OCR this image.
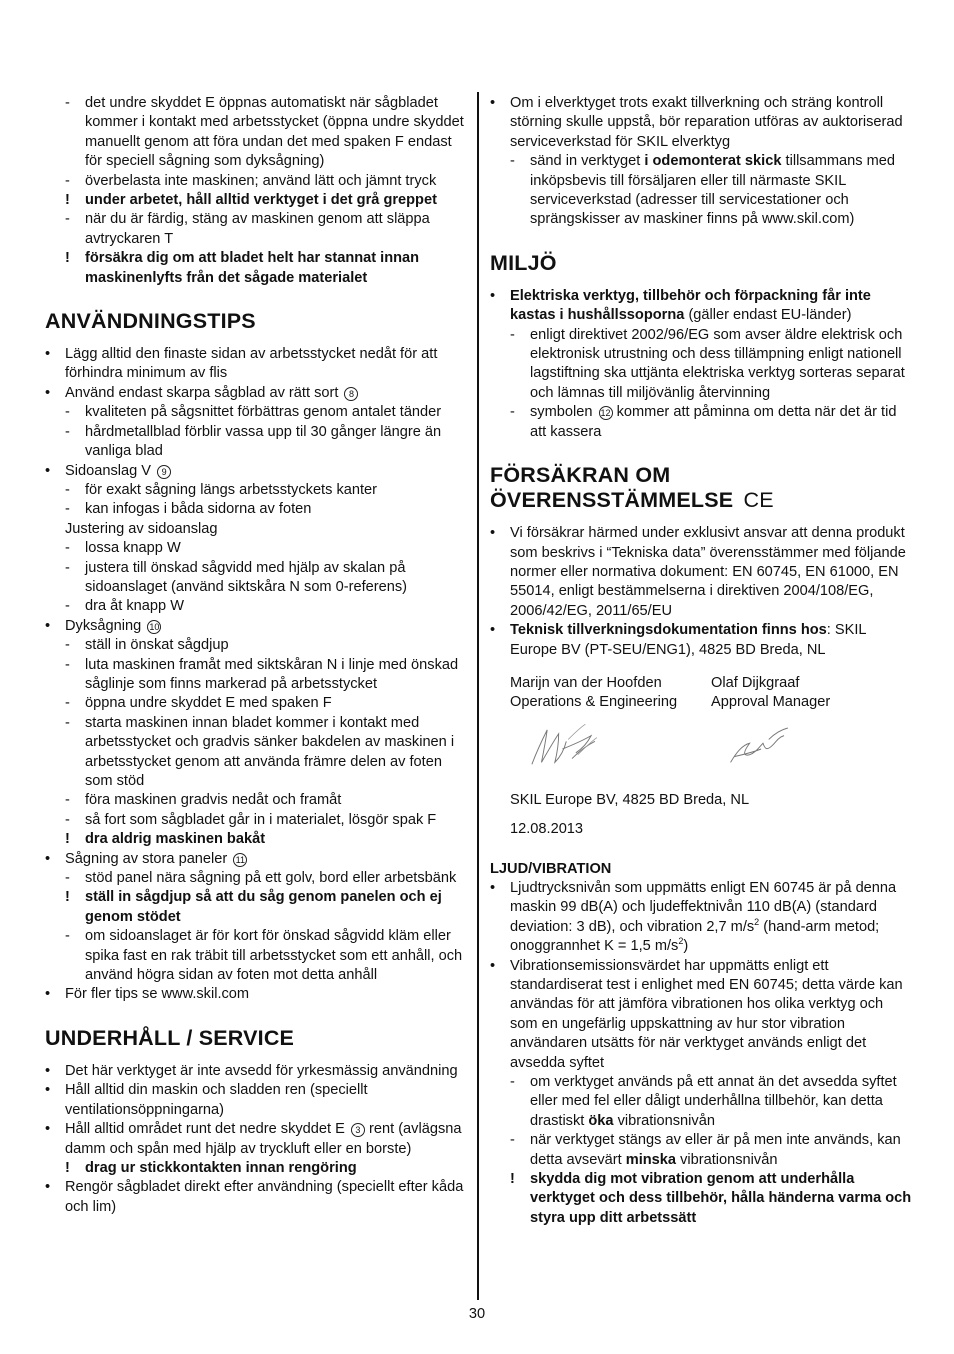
-	det undre skyddet E öppnas automatiskt när sågbladet kommer i kontakt med arbetsstycket (öppna undre skyddet manuellt genom att föra undan det med spaken F endast för speciell sågning som dyksågning)
-	överbelasta inte maskinen; använd lätt och jämnt tryck
!	under arbetet, håll alltid verktyget i det grå greppet
-	när du är färdig, stäng av maskinen genom att släppa avtryckaren T
!	försäkra dig om att bladet helt har stannat innan maskinenlyfts från det sågade materialet
ANVÄNDNINGSTIPS
•	Lägg alltid den finaste sidan av arbetsstycket nedåt för att förhindra minimum av flis
•	Använd endast skarpa sågblad av rätt sort 8
-	kvaliteten på sågsnittet förbättras genom antalet tänder
-	hårdmetallblad förblir vassa upp til 30 gånger längre än vanliga blad
•	Sidoanslag V 9
-	för exakt sågning längs arbetsstyckets kanter
-	kan infogas i båda sidorna av foten
Justering av sidoanslag
-	lossa knapp W
-	justera till önskad sågvidd med hjälp av skalan på sidoanslaget (använd siktskåra N som 0-referens)
-	dra åt knapp W
•	Dyksågning 10
-	ställ in önskat sågdjup
-	luta maskinen framåt med siktskåran N i linje med önskad såglinje som finns markerad på arbetsstycket
-	öppna undre skyddet E med spaken F
-	starta maskinen innan bladet kommer i kontakt med arbetsstycket och gradvis sänker bakdelen av maskinen i arbetsstycket genom att använda främre delen av foten som stöd
-	föra maskinen gradvis nedåt och framåt
-	så fort som sågbladet går in i materialet, lösgör spak F
!	dra aldrig maskinen bakåt
•	Sågning av stora paneler 11
-	stöd panel nära sågning på ett golv, bord eller arbetsbänk
!	ställ in sågdjup så att du såg genom panelen och ej genom stödet
-	om sidoanslaget är för kort för önskad sågvidd kläm eller spika fast en rak träbit till arbetsstycket som ett anhåll, och använd högra sidan av foten mot detta anhåll
•	För fler tips se www.skil.com
UNDERHÅLL / SERVICE
•	Det här verktyget är inte avsedd för yrkesmässig användning
•	Håll alltid din maskin och sladden ren (speciellt ventilationsöppningarna)
•	Håll alltid området runt det nedre skyddet E 3 rent (avlägsna damm och spån med hjälp av tryckluft eller en borste)
!	drag ur stickkontakten innan rengöring
•	Rengör sågbladet direkt efter användning (speciellt efter kåda och lim)
•	Om i elverktyget trots exakt tillverkning och sträng kontroll störning skulle uppstå, bör reparation utföras av auktoriserad serviceverkstad för SKIL elverktyg
-	sänd in verktyget i odemonterat skick tillsammans med inköpsbevis till försäljaren eller till närmaste SKIL serviceverkstad (adresser till servicestationer och sprängskisser av maskiner finns på www.skil.com)
MILJÖ
•	Elektriska verktyg, tillbehör och förpackning får inte kastas i hushållssoporna (gäller endast EU-länder)
-	enligt direktivet 2002/96/EG som avser äldre elektrisk och elektronisk utrustning och dess tillämpning enligt nationell lagstiftning ska uttjänta elektriska verktyg sorteras separat och lämnas till miljövänlig återvinning
-	symbolen 12 kommer att påminna om detta när det är tid att kassera
FÖRSÄKRAN OM
ÖVERENSSTÄMMELSE CE
•	Vi försäkrar härmed under exklusivt ansvar att denna produkt som beskrivs i “Tekniska data” överensstämmer med följande normer eller normativa dokument: EN 60745, EN 61000, EN 55014, enligt bestämmelserna i direktiven 2004/108/EG, 2006/42/EG, 2011/65/EU
•	Teknisk tillverkningsdokumentation finns hos: SKIL Europe BV (PT-SEU/ENG1), 4825 BD Breda, NL
Marijn van der Hoofden
Operations & Engineering
Olaf Dijkgraaf
Approval Manager
SKIL Europe BV, 4825 BD Breda, NL
12.08.2013
LJUD/VIBRATION
•	Ljudtrycksnivån som uppmätts enligt EN 60745 är på denna maskin 99 dB(A) och ljudeffektnivån 110 dB(A) (standard deviation: 3 dB), och vibration 2,7 $m/s^2$ (hand-arm metod; onoggrannhet K = 1,5 $m/s^2$)
•	Vibrationsemissionsvärdet har uppmätts enligt ett standardiserat test i enlighet med EN 60745; detta värde kan användas för att jämföra vibrationen hos olika verktyg och som en ungefärlig uppskattning av hur stor vibration användaren utsätts för när verktyget används enligt det avsedda syftet
-	om verktyget används på ett annat än det avsedda syftet eller med fel eller dåligt underhållna tillbehör, kan detta drastiskt öka vibrationsnivån
-	när verktyget stängs av eller är på men inte används, kan detta avsevärt minska vibrationsnivån
!	skydda dig mot vibration genom att underhålla verktyget och dess tillbehör, hålla händerna varma och styra upp ditt arbetssätt
30
